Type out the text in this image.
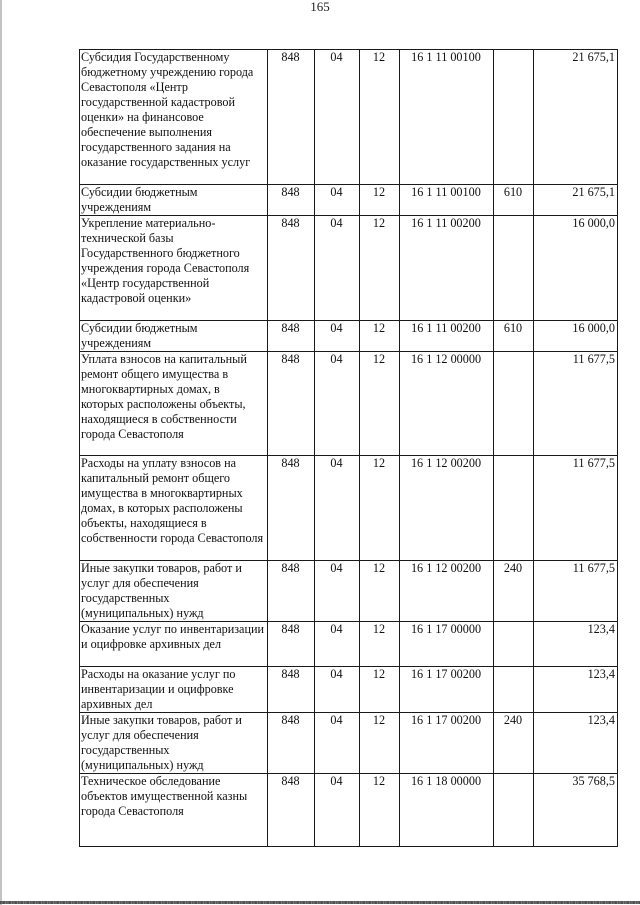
165
Субсидия Государственному бюджетному учреждению города Севастополя «Центр государственной кадастровой оценки» на финансовое обеспечение выполнения государственного задания на оказание государственных услуг	848	04	12	16 1 11 00100		21 675,1
Субсидии бюджетным учреждениям	848	04	12	16 1 11 00100	610	21 675,1
Укрепление материально-технической базы Государственного бюджетного учреждения города Севастополя «Центр государственной кадастровой оценки»	848	04	12	16 1 11 00200		16 000,0
Субсидии бюджетным учреждениям	848	04	12	16 1 11 00200	610	16 000,0
Уплата взносов на капитальный ремонт общего имущества в многоквартирных домах, в которых расположены объекты, находящиеся в собственности города Севастополя	848	04	12	16 1 12 00000		11 677,5
Расходы на уплату взносов на капитальный ремонт общего имущества в многоквартирных домах, в которых расположены объекты, находящиеся в собственности города Севастополя	848	04	12	16 1 12 00200		11 677,5
Иные закупки товаров, работ и услуг для обеспечения государственных (муниципальных) нужд	848	04	12	16 1 12 00200	240	11 677,5
Оказание услуг по инвентаризации и оцифровке архивных дел	848	04	12	16 1 17 00000		123,4
Расходы на оказание услуг по инвентаризации и оцифровке архивных дел	848	04	12	16 1 17 00200		123,4
Иные закупки товаров, работ и услуг для обеспечения государственных (муниципальных) нужд	848	04	12	16 1 17 00200	240	123,4
Техническое обследование объектов имущественной казны города Севастополя	848	04	12	16 1 18 00000		35 768,5
